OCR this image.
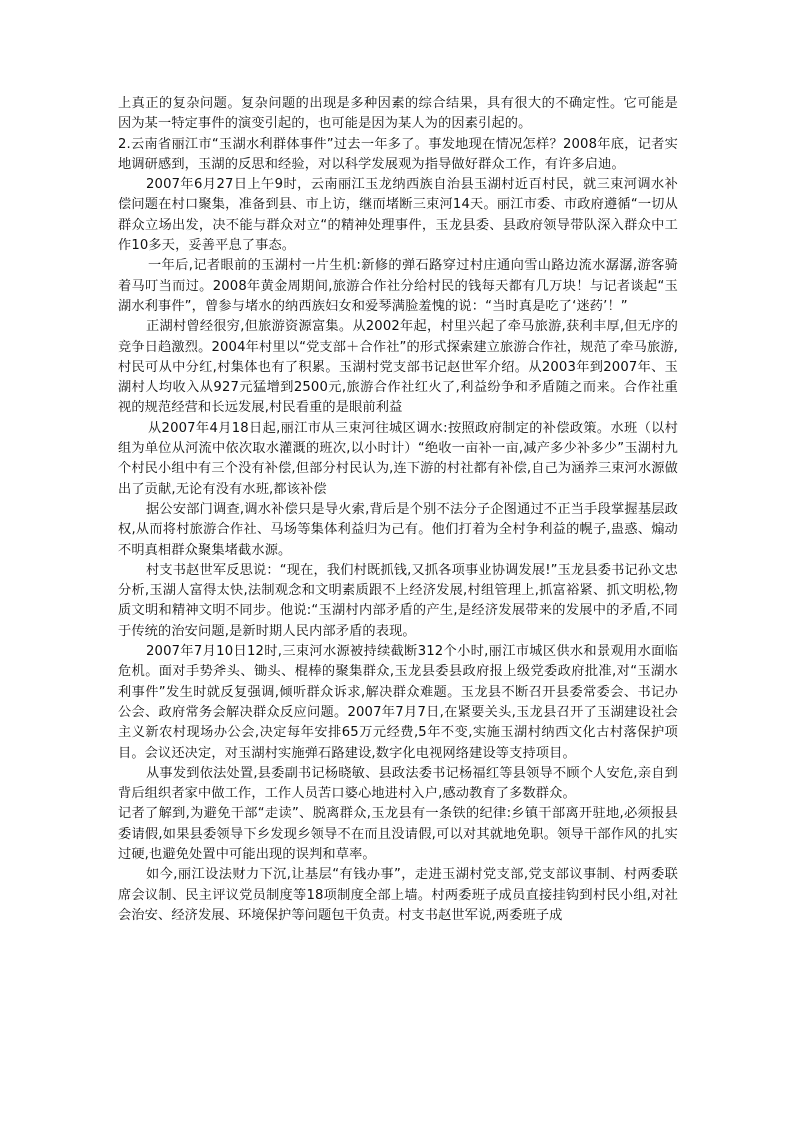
上真正的复杂问题。复杂问题的出现是多种因素的综合结果，具有很大的不确定性。它可能是因为某一特定事件的演变引起的，也可能是因为某人为的因素引起的。

2.云南省丽江市“玉湖水利群体事件”过去一年多了。事发地现在情况怎样？2008年底，记者实地调研感到，玉湖的反思和经验，对以科学发展观为指导做好群众工作，有许多启迪。

2007年6月27日上午9时，云南丽江玉龙纳西族自治县玉湖村近百村民，就三束河调水补偿问题在村口聚集，准备到县、市上访，继而堵断三束河14天。丽江市委、市政府遵循“一切从群众立场出发，决不能与群众对立“的精神处理事件，玉龙县委、县政府领导带队深入群众中工作10多天，妥善平息了事态。

一年后,记者眼前的玉湖村一片生机:新修的弹石路穿过村庄通向雪山路边流水潺潺,游客骑着马叮当而过。2008年黄金周期间,旅游合作社分给村民的钱每天都有几万块！与记者谈起“玉湖水利事件”，曾参与堵水的纳西族妇女和爱琴满脸羞愧的说：“当时真是吃了‘迷药’！”

正湖村曾经很穷,但旅游资源富集。从2002年起，村里兴起了牵马旅游,获利丰厚,但无序的竞争日趋激烈。2004年村里以“党支部＋合作社”的形式探索建立旅游合作社，规范了牵马旅游,村民可从中分红,村集体也有了积累。玉湖村党支部书记赵世军介绍。从2003年到2007年、玉湖村人均收入从927元猛增到2500元,旅游合作社红火了,利益纷争和矛盾随之而来。合作社重视的规范经营和长远发展,村民看重的是眼前利益

从2007年4月18日起,丽江市从三束河往城区调水:按照政府制定的补偿政策。水班（以村组为单位从河流中依次取水灌溉的班次,以小时计）“绝收一亩补一亩,减产多少补多少”玉湖村九个村民小组中有三个没有补偿,但部分村民认为,连下游的村社都有补偿,自己为涵养三束河水源做出了贡献,无论有没有水班,都该补偿

据公安部门调查,调水补偿只是导火索,背后是个别不法分子企图通过不正当手段掌握基层政权,从而将村旅游合作社、马场等集体利益归为己有。他们打着为全村争利益的幌子,蛊惑、煽动不明真相群众聚集堵截水源。

村支书赵世军反思说：“现在，我们村既抓钱,又抓各项事业协调发展!”玉龙县委书记孙文忠分析,玉湖人富得太快,法制观念和文明素质跟不上经济发展,村组管理上,抓富裕紧、抓文明松,物质文明和精神文明不同步。他说:“玉湖村内部矛盾的产生,是经济发展带来的发展中的矛盾,不同于传统的治安问题,是新时期人民内部矛盾的表现。

2007年7月10日12时,三束河水源被持续截断312个小时,丽江市城区供水和景观用水面临危机。面对手势斧头、锄头、棍棒的聚集群众,玉龙县委县政府报上级党委政府批准,对“玉湖水利事件”发生时就反复强调,倾听群众诉求,解决群众难题。玉龙县不断召开县委常委会、书记办公会、政府常务会解决群众反应问题。2007年7月7日,在紧要关头,玉龙县召开了玉湖建设社会主义新农村现场办公会,决定每年安排65万元经费,5年不变,实施玉湖村纳西文化古村落保护项目。会议还决定，对玉湖村实施弹石路建设,数字化电视网络建设等支持项目。

从事发到依法处置,县委副书记杨晓敏、县政法委书记杨福红等县领导不顾个人安危,亲自到背后组织者家中做工作，工作人员苦口婆心地进村入户,感动教育了多数群众。

记者了解到,为避免干部“走读”、脱离群众,玉龙县有一条铁的纪律:乡镇干部离开驻地,必须报县委请假,如果县委领导下乡发现乡领导不在而且没请假,可以对其就地免职。领导干部作风的扎实过硬,也避免处置中可能出现的误判和草率。

如今,丽江设法财力下沉,让基层“有钱办事”，走进玉湖村党支部,党支部议事制、村两委联席会议制、民主评议党员制度等18项制度全部上墙。村两委班子成员直接挂钩到村民小组,对社会治安、经济发展、环境保护等问题包干负责。村支书赵世军说,两委班子成
